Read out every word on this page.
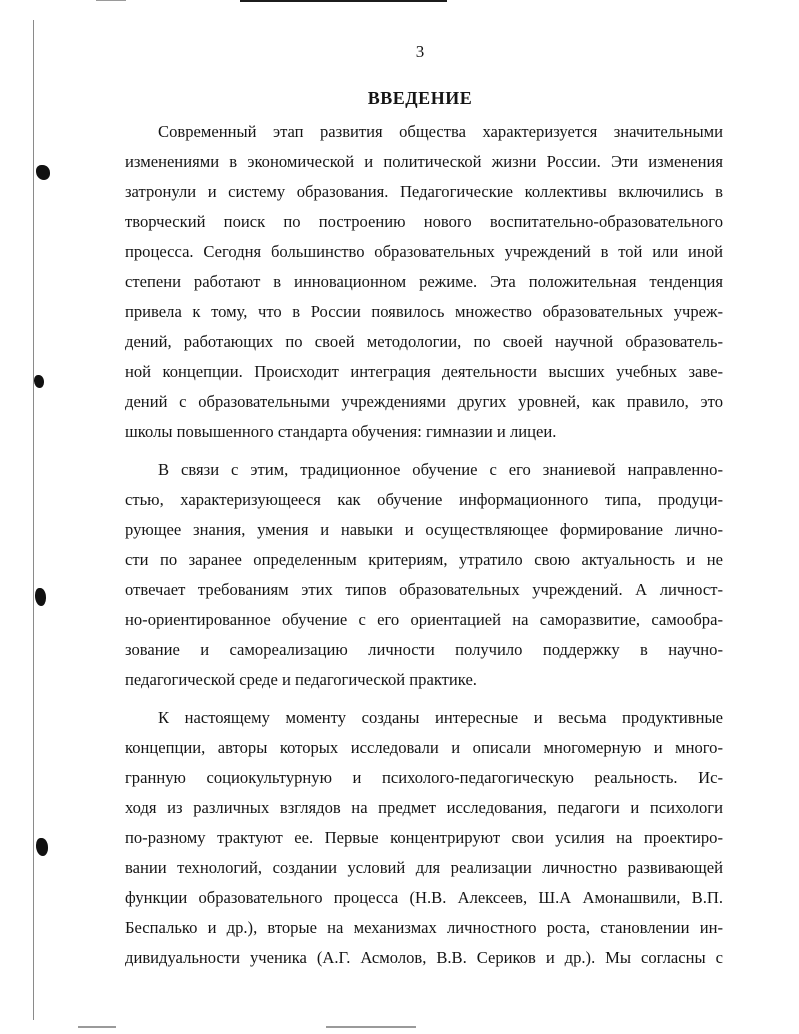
3
ВВЕДЕНИЕ

Современный этап развития общества характеризуется значительными
изменениями в экономической и политической жизни России. Эти изменения
затронули и систему образования. Педагогические коллективы включились в
творческий поиск по построению нового воспитательно-образовательного
процесса. Сегодня большинство образовательных учреждений в той или иной
степени работают в инновационном режиме. Эта положительная тенденция
привела к тому, что в России появилось множество образовательных учреж-
дений, работающих по своей методологии, по своей научной образователь-
ной концепции. Происходит интеграция деятельности высших учебных заве-
дений с образовательными учреждениями других уровней, как правило, это
школы повышенного стандарта обучения: гимназии и лицеи.

В связи с этим, традиционное обучение с его знаниевой направленно-
стью, характеризующееся как обучение информационного типа, продуци-
рующее знания, умения и навыки и осуществляющее формирование лично-
сти по заранее определенным критериям, утратило свою актуальность и не
отвечает требованиям этих типов образовательных учреждений. А личност-
но-ориентированное обучение с его ориентацией на саморазвитие, самообра-
зование и самореализацию личности получило поддержку в научно-
педагогической среде и педагогической практике.

К настоящему моменту созданы интересные и весьма продуктивные
концепции, авторы которых исследовали и описали многомерную и много-
гранную социокультурную и психолого-педагогическую реальность. Ис-
ходя из различных взглядов на предмет исследования, педагоги и психологи
по-разному трактуют ее. Первые концентрируют свои усилия на проектиро-
вании технологий, создании условий для реализации личностно развивающей
функции образовательного процесса (Н.В. Алексеев, Ш.А Амонашвили, В.П.
Беспалько и др.), вторые на механизмах личностного роста, становлении ин-
дивидуальности ученика (А.Г. Асмолов, В.В. Сериков и др.). Мы согласны с
